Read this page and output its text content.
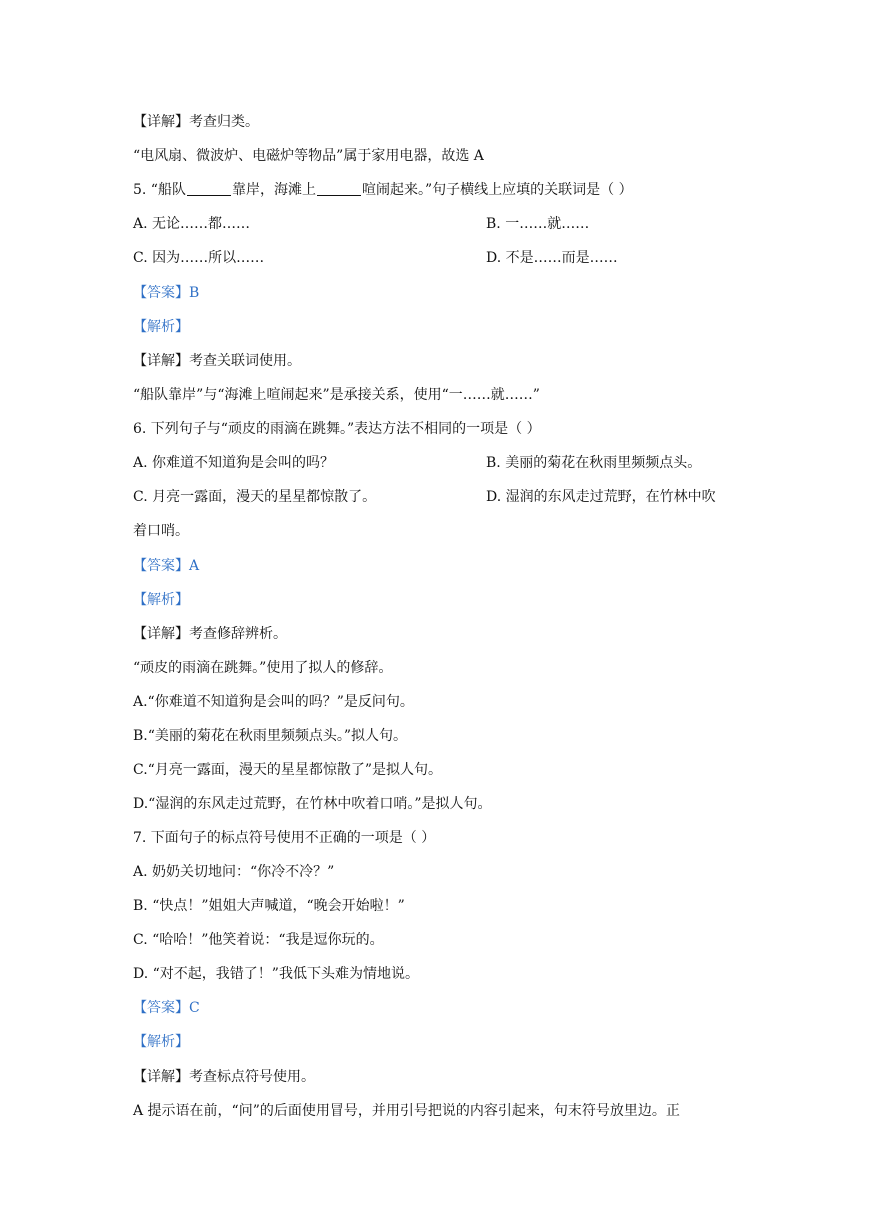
【详解】考查归类。
“电风扇、微波炉、电磁炉等物品”属于家用电器，故选 A
5. “船队	靠岸，海滩上	喧闹起来。”句子横线上应填的关联词是（ ）
A. 无论……都……	B. 一……就……
C. 因为……所以……	D. 不是……而是……
【答案】B
【解析】
【详解】考查关联词使用。
“船队靠岸”与“海滩上喧闹起来”是承接关系，使用“一……就……”
6. 下列句子与“顽皮的雨滴在跳舞。”表达方法不相同的一项是（ ）
A. 你难道不知道狗是会叫的吗？	B. 美丽的菊花在秋雨里频频点头。
C. 月亮一露面，漫天的星星都惊散了。	D. 湿润的东风走过荒野，在竹林中吹
着口哨。
【答案】A
【解析】
【详解】考查修辞辨析。
“顽皮的雨滴在跳舞。”使用了拟人的修辞。
A.“你难道不知道狗是会叫的吗？”是反问句。
B.“美丽的菊花在秋雨里频频点头。”拟人句。
C.“月亮一露面，漫天的星星都惊散了”是拟人句。
D.“湿润的东风走过荒野，在竹林中吹着口哨。”是拟人句。
7. 下面句子的标点符号使用不正确的一项是（ ）
A. 奶奶关切地问：“你冷不冷？”
B. “快点！”姐姐大声喊道，“晚会开始啦！”
C. “哈哈！”他笑着说：“我是逗你玩的。
D. “对不起，我错了！”我低下头难为情地说。
【答案】C
【解析】
【详解】考查标点符号使用。
A 提示语在前，“问”的后面使用冒号，并用引号把说的内容引起来，句末符号放里边。正
